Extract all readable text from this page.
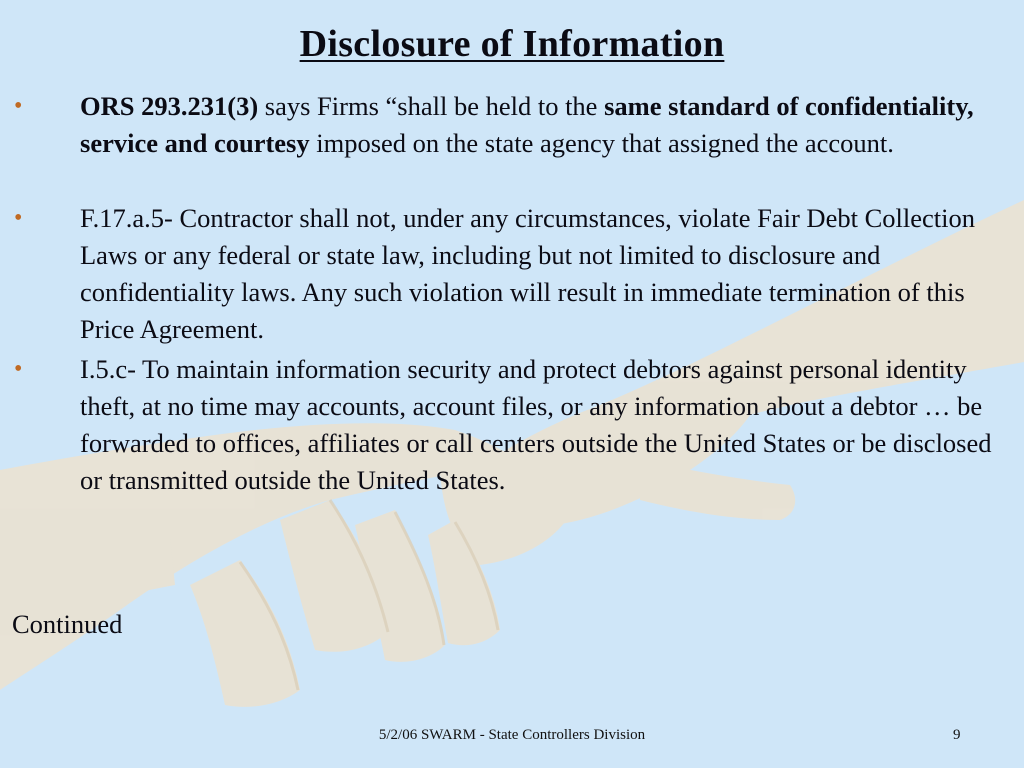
Disclosure of Information
• ORS 293.231(3) says Firms “shall be held to the same standard of confidentiality, service and courtesy imposed on the state agency that assigned the account.
• F.17.a.5- Contractor shall not, under any circumstances, violate Fair Debt Collection Laws or any federal or state law, including but not limited to disclosure and confidentiality laws. Any such violation will result in immediate termination of this Price Agreement.
• I.5.c- To maintain information security and protect debtors against personal identity theft, at no time may accounts, account files, or any information about a debtor … be forwarded to offices, affiliates or call centers outside the United States or be disclosed or transmitted outside the United States.
Continued
5/2/06 SWARM - State Controllers Division	9
